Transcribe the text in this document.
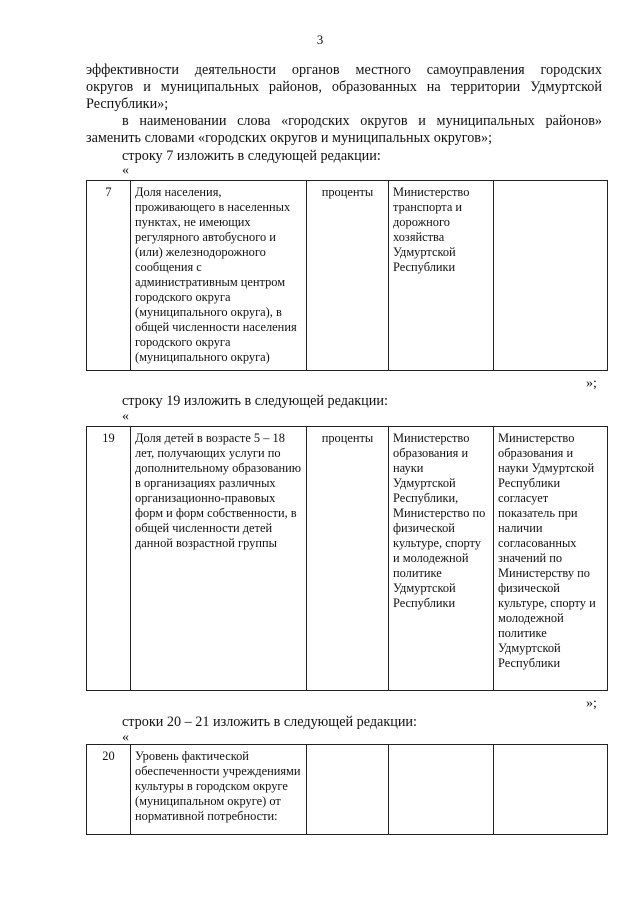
3

эффективности деятельности органов местного самоуправления городских

округов и муниципальных районов, образованных на территории Удмуртской

Республики»;

в наименовании слова «городских округов и муниципальных районов»

заменить словами «городских округов и муниципальных округов»;

строку 7 изложить в следующей редакции:

«
7	Доля населения, проживающего в населенных пунктах, не имеющих регулярного автобусного и (или) железнодорожного сообщения с административным центром городского округа (муниципального округа), в общей численности населения городского округа (муниципального округа)	проценты	Министерство транспорта и дорожного хозяйства Удмуртской Республики	
»;

строку 19 изложить в следующей редакции:

«
19	Доля детей в возрасте 5 – 18 лет, получающих услуги по дополнительному образованию в организациях различных организационно-правовых форм и форм собственности, в общей численности детей данной возрастной группы	проценты	Министерство образования и науки Удмуртской Республики, Министерство по физической культуре, спорту и молодежной политике Удмуртской Республики	Министерство образования и науки Удмуртской Республики согласует показатель при наличии согласованных значений по Министерству по физической культуре, спорту и молодежной политике Удмуртской Республики
»;

строки 20 – 21 изложить в следующей редакции:

«
20	Уровень фактической обеспеченности учреждениями культуры в городском округе (муниципальном округе) от нормативной потребности:			
